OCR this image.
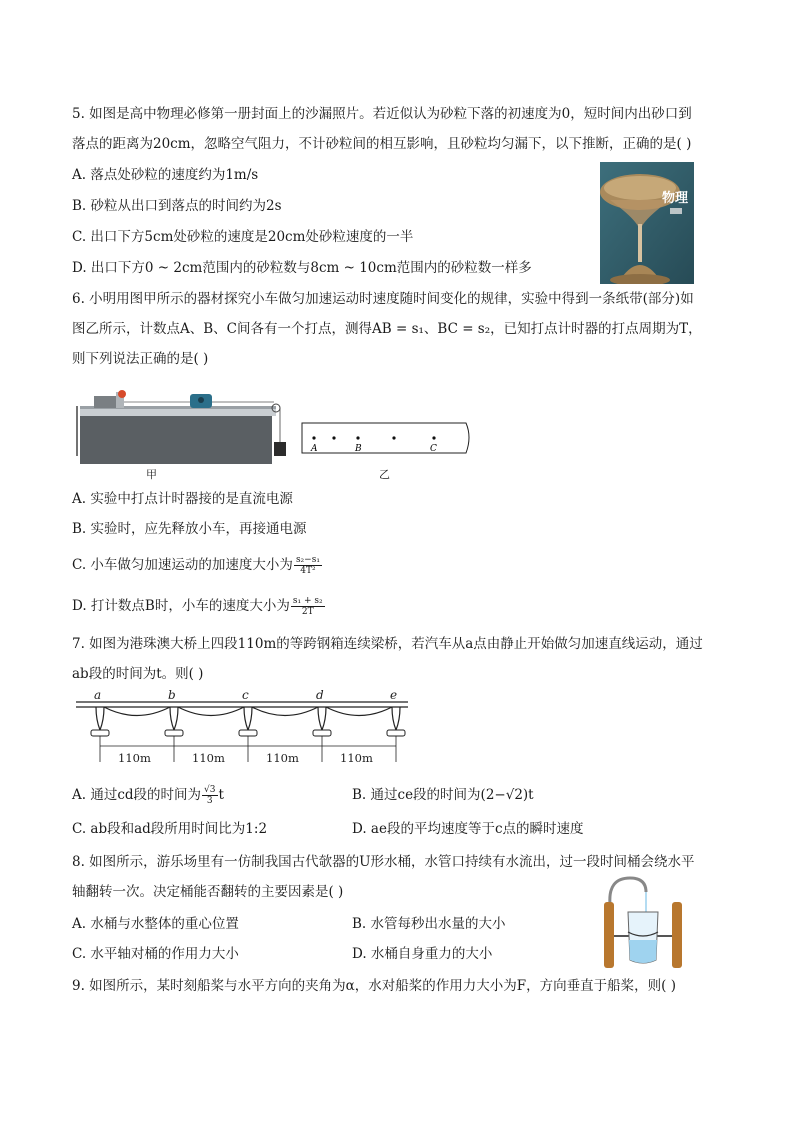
5. 如图是高中物理必修第一册封面上的沙漏照片。若近似认为砂粒下落的初速度为0，短时间内出砂口到
落点的距离为20cm，忽略空气阻力，不计砂粒间的相互影响，且砂粒均匀漏下，以下推断，正确的是( )
A. 落点处砂粒的速度约为1m/s
B. 砂粒从出口到落点的时间约为2s
C. 出口下方5cm处砂粒的速度是20cm处砂粒速度的一半
D. 出口下方0 ~ 2cm范围内的砂粒数与8cm ~ 10cm范围内的砂粒数一样多
物理
6. 小明用图甲所示的器材探究小车做匀加速运动时速度随时间变化的规律，实验中得到一条纸带(部分)如
图乙所示，计数点A、B、C间各有一个打点，测得AB = s₁、BC = s₂，已知打点计时器的打点周期为T，
则下列说法正确的是( )
甲
A	B	C
乙
A. 实验中打点计时器接的是直流电源
B. 实验时，应先释放小车，再接通电源
C. 小车做匀加速运动的加速度大小为 $\frac{\text{s₂−s₁}}{\text{4T²}}$
D. 打计数点B时，小车的速度大小为 $\frac{\text{s₁ + s₂}}{2T}$
7. 如图为港珠澳大桥上四段110m的等跨钢箱连续梁桥，若汽车从a点由静止开始做匀加速直线运动，通过
ab段的时间为t。则( )
a	b	c	d	e
110m	110m	110m	110m
A. 通过cd段的时间为 $\frac{√3}{3}$ t	B. 通过ce段的时间为(2−√2)t
C. ab段和ad段所用时间比为1:2	D. ae段的平均速度等于c点的瞬时速度
8. 如图所示，游乐场里有一仿制我国古代欹器的U形水桶，水管口持续有水流出，过一段时间桶会绕水平
轴翻转一次。决定桶能否翻转的主要因素是( )
A. 水桶与水整体的重心位置	B. 水管每秒出水量的大小
C. 水平轴对桶的作用力大小	D. 水桶自身重力的大小
9. 如图所示，某时刻船桨与水平方向的夹角为α，水对船桨的作用力大小为F，方向垂直于船桨，则( )
